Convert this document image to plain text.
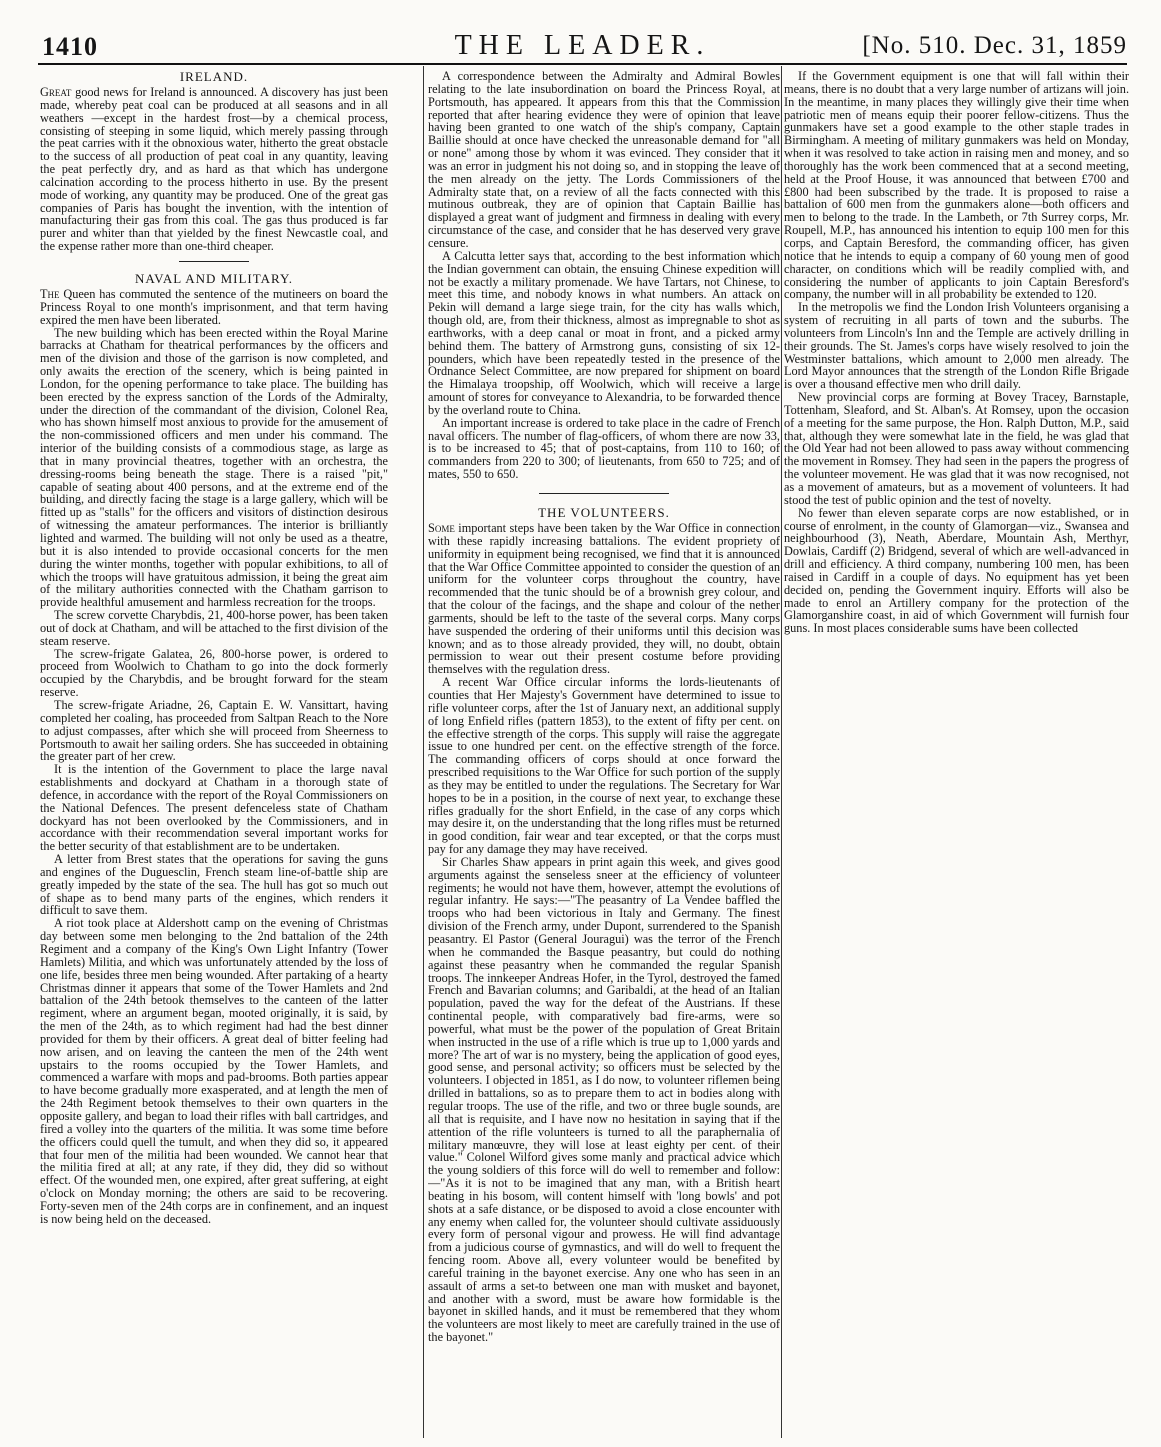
1410	THE LEADER.	[No. 510. Dec. 31, 1859
IRELAND.

Great good news for Ireland is announced. A discovery has just been made, whereby peat coal can be produced at all seasons and in all weathers —except in the hardest frost—by a chemical process, consisting of steeping in some liquid, which merely passing through the peat carries with it the obnoxious water, hitherto the great obstacle to the success of all production of peat coal in any quantity, leaving the peat perfectly dry, and as hard as that which has undergone calcination according to the process hitherto in use. By the present mode of working, any quantity may be produced. One of the great gas companies of Paris has bought the invention, with the intention of manufacturing their gas from this coal. The gas thus produced is far purer and whiter than that yielded by the finest Newcastle coal, and the expense rather more than one-third cheaper.

NAVAL AND MILITARY.

The Queen has commuted the sentence of the mutineers on board the Princess Royal to one month's imprisonment, and that term having expired the men have been liberated.

The new building which has been erected within the Royal Marine barracks at Chatham for theatrical performances by the officers and men of the division and those of the garrison is now completed, and only awaits the erection of the scenery, which is being painted in London, for the opening performance to take place. The building has been erected by the express sanction of the Lords of the Admiralty, under the direction of the commandant of the division, Colonel Rea, who has shown himself most anxious to provide for the amusement of the non-commissioned officers and men under his command. The interior of the building consists of a commodious stage, as large as that in many provincial theatres, together with an orchestra, the dressing-rooms being beneath the stage. There is a raised "pit," capable of seating about 400 persons, and at the extreme end of the building, and directly facing the stage is a large gallery, which will be fitted up as "stalls" for the officers and visitors of distinction desirous of witnessing the amateur performances. The interior is brilliantly lighted and warmed. The building will not only be used as a theatre, but it is also intended to provide occasional concerts for the men during the winter months, together with popular exhibitions, to all of which the troops will have gratuitous admission, it being the great aim of the military authorities connected with the Chatham garrison to provide healthful amusement and harmless recreation for the troops.

The screw corvette Charybdis, 21, 400-horse power, has been taken out of dock at Chatham, and will be attached to the first division of the steam reserve.

The screw-frigate Galatea, 26, 800-horse power, is ordered to proceed from Woolwich to Chatham to go into the dock formerly occupied by the Charybdis, and be brought forward for the steam reserve.

The screw-frigate Ariadne, 26, Captain E. W. Vansittart, having completed her coaling, has proceeded from Saltpan Reach to the Nore to adjust compasses, after which she will proceed from Sheerness to Portsmouth to await her sailing orders. She has succeeded in obtaining the greater part of her crew.

It is the intention of the Government to place the large naval establishments and dockyard at Chatham in a thorough state of defence, in accordance with the report of the Royal Commissioners on the National Defences. The present defenceless state of Chatham dockyard has not been overlooked by the Commissioners, and in accordance with their recommendation several important works for the better security of that establishment are to be undertaken.

A letter from Brest states that the operations for saving the guns and engines of the Duguesclin, French steam line-of-battle ship are greatly impeded by the state of the sea. The hull has got so much out of shape as to bend many parts of the engines, which renders it difficult to save them.

A riot took place at Aldershott camp on the evening of Christmas day between some men belonging to the 2nd battalion of the 24th Regiment and a company of the King's Own Light Infantry (Tower Hamlets) Militia, and which was unfortunately attended by the loss of one life, besides three men being wounded. After partaking of a hearty Christmas dinner it appears that some of the Tower Hamlets and 2nd battalion of the 24th betook themselves to the canteen of the latter regiment, where an argument began, mooted originally, it is said, by the men of the 24th, as to which regiment had had the best dinner provided for them by their officers. A great deal of bitter feeling had now arisen, and on leaving the canteen the men of the 24th went upstairs to the rooms occupied by the Tower Hamlets, and commenced a warfare with mops and pad-brooms. Both parties appear to have become gradually more exasperated, and at length the men of the 24th Regiment betook themselves to their own quarters in the opposite gallery, and began to load their rifles with ball cartridges, and fired a volley into the quarters of the militia. It was some time before the officers could quell the tumult, and when they did so, it appeared that four men of the militia had been wounded. We cannot hear that the militia fired at all; at any rate, if they did, they did so without effect. Of the wounded men, one expired, after great suffering, at eight o'clock on Monday morning; the others are said to be recovering. Forty-seven men of the 24th corps are in confinement, and an inquest is now being held on the deceased.

A correspondence between the Admiralty and Admiral Bowles relating to the late insubordination on board the Princess Royal, at Portsmouth, has appeared. It appears from this that the Commission reported that after hearing evidence they were of opinion that leave having been granted to one watch of the ship's company, Captain Baillie should at once have checked the unreasonable demand for "all or none" among those by whom it was evinced. They consider that it was an error in judgment his not doing so, and in stopping the leave of the men already on the jetty. The Lords Commissioners of the Admiralty state that, on a review of all the facts connected with this mutinous outbreak, they are of opinion that Captain Baillie has displayed a great want of judgment and firmness in dealing with every circumstance of the case, and consider that he has deserved very grave censure.

A Calcutta letter says that, according to the best information which the Indian government can obtain, the ensuing Chinese expedition will not be exactly a military promenade. We have Tartars, not Chinese, to meet this time, and nobody knows in what numbers. An attack on Pekin will demand a large siege train, for the city has walls which, though old, are, from their thickness, almost as impregnable to shot as earthworks, with a deep canal or moat in front, and a picked army behind them. The battery of Armstrong guns, consisting of six 12-pounders, which have been repeatedly tested in the presence of the Ordnance Select Committee, are now prepared for shipment on board the Himalaya troopship, off Woolwich, which will receive a large amount of stores for conveyance to Alexandria, to be forwarded thence by the overland route to China.

An important increase is ordered to take place in the cadre of French naval officers. The number of flag-officers, of whom there are now 33, is to be increased to 45; that of post-captains, from 110 to 160; of commanders from 220 to 300; of lieutenants, from 650 to 725; and of mates, 550 to 650.

THE VOLUNTEERS.

Some important steps have been taken by the War Office in connection with these rapidly increasing battalions. The evident propriety of uniformity in equipment being recognised, we find that it is announced that the War Office Committee appointed to consider the question of an uniform for the volunteer corps throughout the country, have recommended that the tunic should be of a brownish grey colour, and that the colour of the facings, and the shape and colour of the nether garments, should be left to the taste of the several corps. Many corps have suspended the ordering of their uniforms until this decision was known; and as to those already provided, they will, no doubt, obtain permission to wear out their present costume before providing themselves with the regulation dress.

A recent War Office circular informs the lords-lieutenants of counties that Her Majesty's Government have determined to issue to rifle volunteer corps, after the 1st of January next, an additional supply of long Enfield rifles (pattern 1853), to the extent of fifty per cent. on the effective strength of the corps. This supply will raise the aggregate issue to one hundred per cent. on the effective strength of the force. The commanding officers of corps should at once forward the prescribed requisitions to the War Office for such portion of the supply as they may be entitled to under the regulations. The Secretary for War hopes to be in a position, in the course of next year, to exchange these rifles gradually for the short Enfield, in the case of any corps which may desire it, on the understanding that the long rifles must be returned in good condition, fair wear and tear excepted, or that the corps must pay for any damage they may have received.

Sir Charles Shaw appears in print again this week, and gives good arguments against the senseless sneer at the efficiency of volunteer regiments; he would not have them, however, attempt the evolutions of regular infantry. He says:—"The peasantry of La Vendee baffled the troops who had been victorious in Italy and Germany. The finest division of the French army, under Dupont, surrendered to the Spanish peasantry. El Pastor (General Jouragui) was the terror of the French when he commanded the Basque peasantry, but could do nothing against these peasantry when he commanded the regular Spanish troops. The innkeeper Andreas Hofer, in the Tyrol, destroyed the famed French and Bavarian columns; and Garibaldi, at the head of an Italian population, paved the way for the defeat of the Austrians. If these continental people, with comparatively bad fire-arms, were so powerful, what must be the power of the population of Great Britain when instructed in the use of a rifle which is true up to 1,000 yards and more? The art of war is no mystery, being the application of good eyes, good sense, and personal activity; so officers must be selected by the volunteers. I objected in 1851, as I do now, to volunteer riflemen being drilled in battalions, so as to prepare them to act in bodies along with regular troops. The use of the rifle, and two or three bugle sounds, are all that is requisite, and I have now no hesitation in saying that if the attention of the rifle volunteers is turned to all the paraphernalia of military manœuvre, they will lose at least eighty per cent. of their value." Colonel Wilford gives some manly and practical advice which the young soldiers of this force will do well to remember and follow:—"As it is not to be imagined that any man, with a British heart beating in his bosom, will content himself with 'long bowls' and pot shots at a safe distance, or be disposed to avoid a close encounter with any enemy when called for, the volunteer should cultivate assiduously every form of personal vigour and prowess. He will find advantage from a judicious course of gymnastics, and will do well to frequent the fencing room. Above all, every volunteer would be benefited by careful training in the bayonet exercise. Any one who has seen in an assault of arms a set-to between one man with musket and bayonet, and another with a sword, must be aware how formidable is the bayonet in skilled hands, and it must be remembered that they whom the volunteers are most likely to meet are carefully trained in the use of the bayonet."

If the Government equipment is one that will fall within their means, there is no doubt that a very large number of artizans will join. In the meantime, in many places they willingly give their time when patriotic men of means equip their poorer fellow-citizens. Thus the gunmakers have set a good example to the other staple trades in Birmingham. A meeting of military gunmakers was held on Monday, when it was resolved to take action in raising men and money, and so thoroughly has the work been commenced that at a second meeting, held at the Proof House, it was announced that between £700 and £800 had been subscribed by the trade. It is proposed to raise a battalion of 600 men from the gunmakers alone—both officers and men to belong to the trade. In the Lambeth, or 7th Surrey corps, Mr. Roupell, M.P., has announced his intention to equip 100 men for this corps, and Captain Beresford, the commanding officer, has given notice that he intends to equip a company of 60 young men of good character, on conditions which will be readily complied with, and considering the number of applicants to join Captain Beresford's company, the number will in all probability be extended to 120.

In the metropolis we find the London Irish Volunteers organising a system of recruiting in all parts of town and the suburbs. The volunteers from Lincoln's Inn and the Temple are actively drilling in their grounds. The St. James's corps have wisely resolved to join the Westminster battalions, which amount to 2,000 men already. The Lord Mayor announces that the strength of the London Rifle Brigade is over a thousand effective men who drill daily.

New provincial corps are forming at Bovey Tracey, Barnstaple, Tottenham, Sleaford, and St. Alban's. At Romsey, upon the occasion of a meeting for the same purpose, the Hon. Ralph Dutton, M.P., said that, although they were somewhat late in the field, he was glad that the Old Year had not been allowed to pass away without commencing the movement in Romsey. They had seen in the papers the progress of the volunteer movement. He was glad that it was now recognised, not as a movement of amateurs, but as a movement of volunteers. It had stood the test of public opinion and the test of novelty.

No fewer than eleven separate corps are now established, or in course of enrolment, in the county of Glamorgan—viz., Swansea and neighbourhood (3), Neath, Aberdare, Mountain Ash, Merthyr, Dowlais, Cardiff (2) Bridgend, several of which are well-advanced in drill and efficiency. A third company, numbering 100 men, has been raised in Cardiff in a couple of days. No equipment has yet been decided on, pending the Government inquiry. Efforts will also be made to enrol an Artillery company for the protection of the Glamorganshire coast, in aid of which Government will furnish four guns. In most places considerable sums have been collected
